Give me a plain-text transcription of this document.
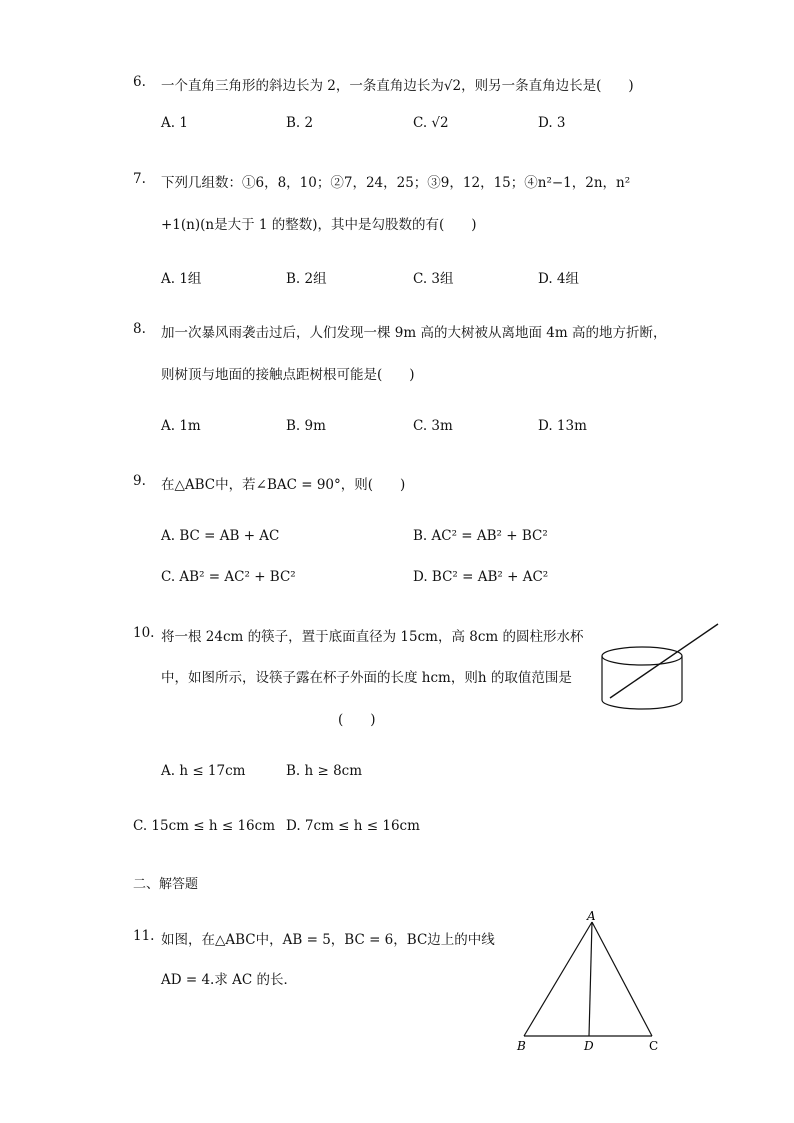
6. 一个直角三角形的斜边长为 2，一条直角边长为√2，则另一条直角边长是(　　)
A. 1	B. 2	C. √2	D. 3
7. 下列几组数：①6，8，10；②7，24，25；③9，12，15；④n²−1，2n，n²
+1(n)(n是大于 1 的整数)，其中是勾股数的有(　　)
A. 1组	B. 2组	C. 3组	D. 4组
8. 加一次暴风雨袭击过后，人们发现一棵 9m 高的大树被从离地面 4m 高的地方折断，
则树顶与地面的接触点距树根可能是(　　)
A. 1m	B. 9m	C. 3m	D. 13m
9. 在△ABC中，若∠BAC = 90°，则(　　)
A. BC = AB + AC	B. AC² = AB² + BC²
C. AB² = AC² + BC²	D. BC² = AB² + AC²
10. 将一根 24cm 的筷子，置于底面直径为 15cm，高 8cm 的圆柱形水杯
中，如图所示，设筷子露在杯子外面的长度 hcm，则h 的取值范围是
(　　)
A. h ≤ 17cm	B. h ≥ 8cm
C. 15cm ≤ h ≤ 16cm D. 7cm ≤ h ≤ 16cm
二、解答题
11. 如图，在△ABC中，AB = 5，BC = 6，BC边上的中线
AD = 4.求 AC 的长．
A
B	D	C
